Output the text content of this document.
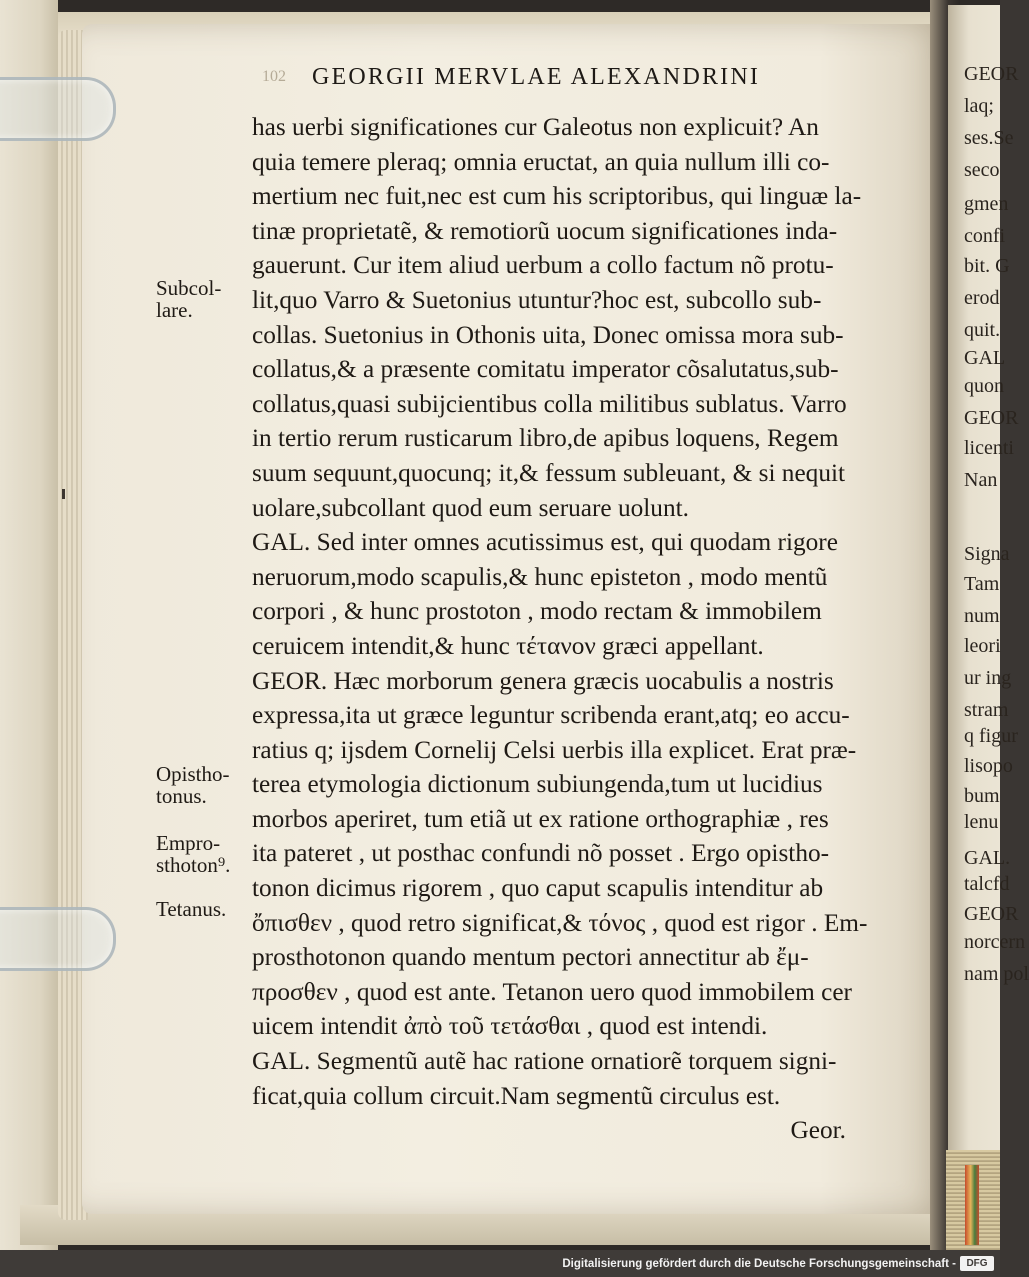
GEOR
laq;
ses.Se
seco
gmen
confi
bit. G
erod
quit.
GAL
quon
GEOR
licenti
Nan
Signa
Tam
num
leori
ur ing
stram
q figur
lisopo
bum
lenu
GAL.
talcfd
GEOR
norcern
nam pol
102 GEORGII MERVLAE ALEXANDRINI
has uerbi significationes cur Galeotus non explicuit? An
quia temere pleraq; omnia eructat, an quia nullum illi co-
mertium nec fuit,nec est cum his scriptoribus, qui linguæ la-
tinæ proprietatẽ, & remotiorũ uocum significationes inda-
gauerunt. Cur item aliud uerbum a collo factum nõ protu-
lit,quo Varro & Suetonius utuntur?hoc est, subcollo sub-
collas. Suetonius in Othonis uita, Donec omissa mora sub-
collatus,& a præsente comitatu imperator cõsalutatus,sub-
collatus,quasi subijcientibus colla militibus sublatus. Varro
in tertio rerum rusticarum libro,de apibus loquens, Regem
suum sequunt,quocunq; it,& fessum subleuant, & si nequit
uolare,subcollant quod eum seruare uolunt.
GAL. Sed inter omnes acutissimus est, qui quodam rigore
neruorum,modo scapulis,& hunc episteton , modo mentũ
corpori , & hunc prostoton , modo rectam & immobilem
ceruicem intendit,& hunc τέτανον græci appellant.
GEOR. Hæc morborum genera græcis uocabulis a nostris
expressa,ita ut græce leguntur scribenda erant,atq; eo accu-
ratius q; ijsdem Cornelij Celsi uerbis illa explicet. Erat præ-
terea etymologia dictionum subiungenda,tum ut lucidius
morbos aperiret, tum etiã ut ex ratione orthographiæ , res
ita pateret , ut posthac confundi nõ posset . Ergo opistho-
tonon dicimus rigorem , quo caput scapulis intenditur ab
ὄπισθεν , quod retro significat,& τόνος , quod est rigor . Em-
prosthotonon quando mentum pectori annectitur ab ἔμ-
προσθεν , quod est ante. Tetanon uero quod immobilem cer
uicem intendit ἀπὸ τοῦ τετάσθαι , quod est intendi.
GAL. Segmentũ autẽ hac ratione ornatiorẽ torquem signi-
ficat,quia collum circuit.Nam segmentũ circulus est.
Geor.
Subcol-
lare.
Opistho-
tonus.
Empro-
sthoton⁹.
Tetanus.
Digitalisierung gefördert durch die Deutsche Forschungsgemeinschaft -	DFG
